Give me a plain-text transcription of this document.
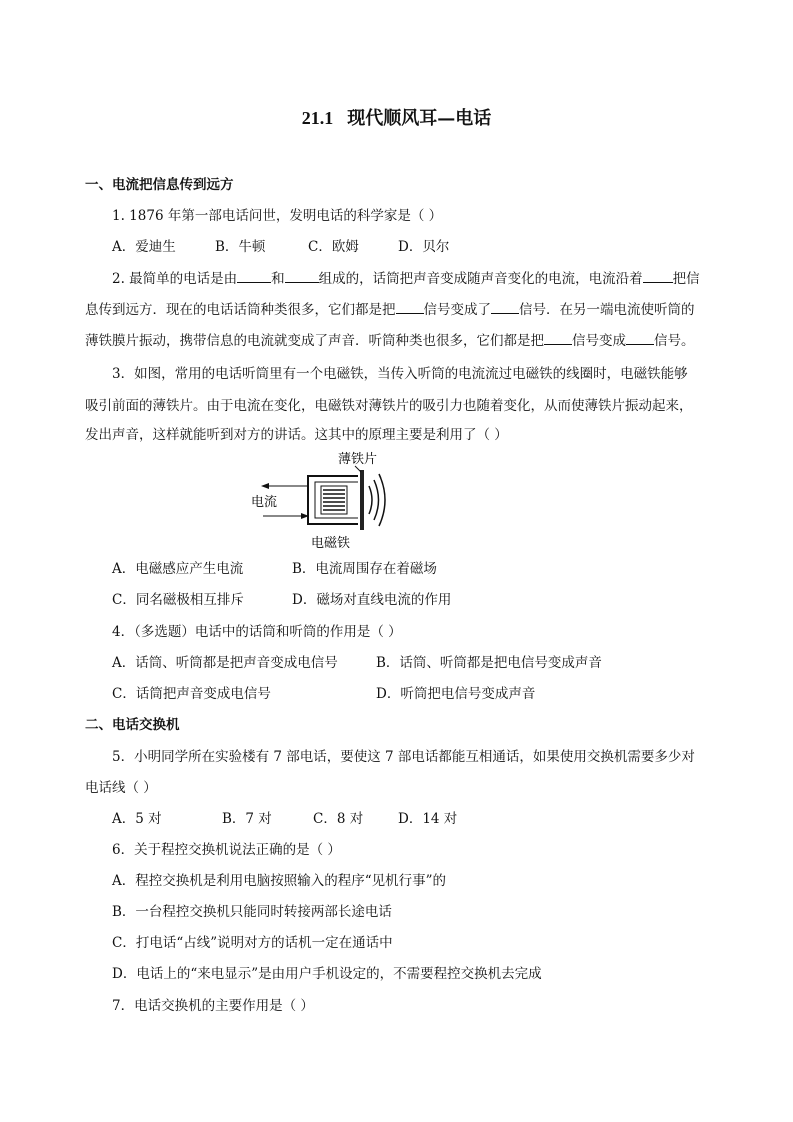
21.1 现代顺风耳—电话
一、电流把信息传到远方
1. 1876 年第一部电话问世，发明电话的科学家是（ ）
A．爱迪生	B．牛顿	C．欧姆	D．贝尔
2. 最简单的电话是由	和	组成的，话筒把声音变成随声音变化的电流，电流沿着 把信
息传到远方．现在的电话话筒种类很多，它们都是把 信号变成了 信号．在另一端电流使听筒的
薄铁膜片振动，携带信息的电流就变成了声音．听筒种类也很多，它们都是把 信号变成 信号。
3．如图，常用的电话听筒里有一个电磁铁，当传入听筒的电流流过电磁铁的线圈时，电磁铁能够
吸引前面的薄铁片。由于电流在变化，电磁铁对薄铁片的吸引力也随着变化，从而使薄铁片振动起来，
发出声音，这样就能听到对方的讲话。这其中的原理主要是利用了（ ）
薄铁片
电流
电磁铁
A．电磁感应产生电流	B．电流周围存在着磁场
C．同名磁极相互排斥	D．磁场对直线电流的作用
4．（多选题）电话中的话筒和听筒的作用是（ ）
A．话筒、听筒都是把声音变成电信号	B．话筒、听筒都是把电信号变成声音
C．话筒把声音变成电信号	D．听筒把电信号变成声音
二、电话交换机
5．小明同学所在实验楼有 7 部电话，要使这 7 部电话都能互相通话，如果使用交换机需要多少对
电话线（ ）
A．5 对	B．7 对	C．8 对	D．14 对
6．关于程控交换机说法正确的是（ ）
A．程控交换机是利用电脑按照输入的程序“见机行事”的
B．一台程控交换机只能同时转接两部长途电话
C．打电话“占线”说明对方的话机一定在通话中
D．电话上的“来电显示”是由用户手机设定的，不需要程控交换机去完成
7．电话交换机的主要作用是（ ）
